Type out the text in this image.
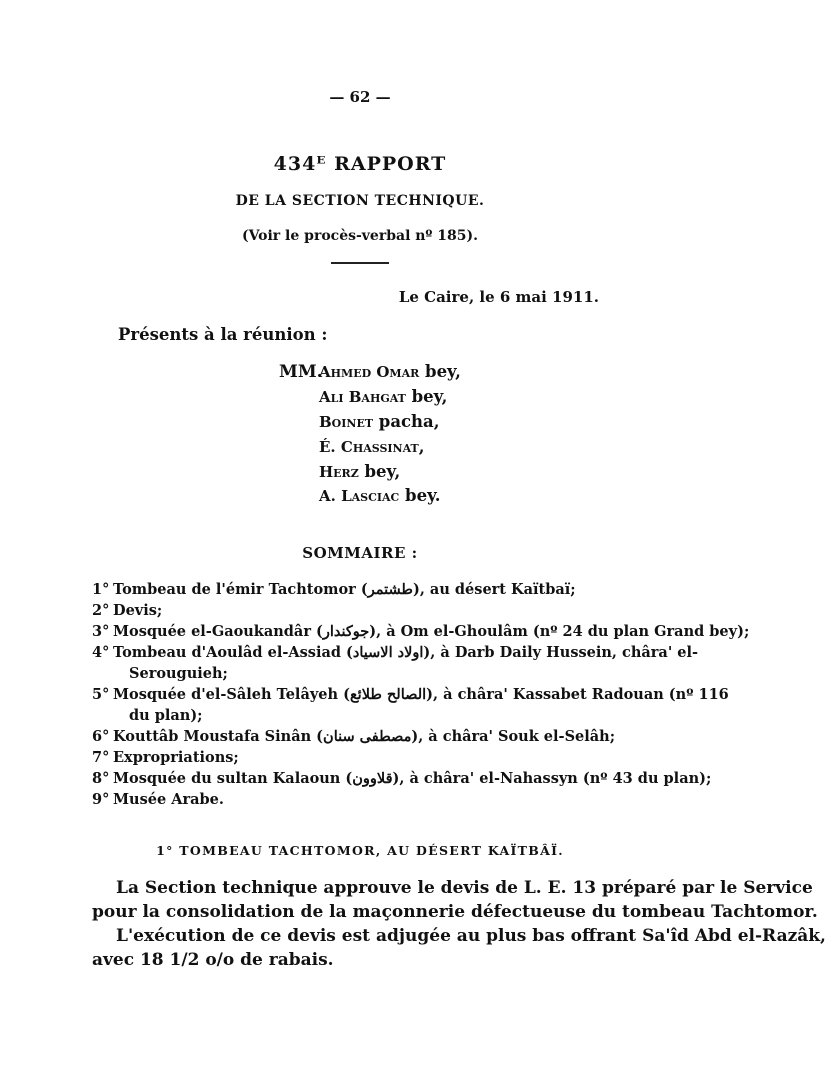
— 62 —
434ᴱ RAPPORT
DE LA SECTION TECHNIQUE.
(Voir le procès-verbal nº 185).
Le Caire, le 6 mai 1911.
Présents à la réunion :
MM.
Ahmed Omar bey,
Ali Bahgat bey,
Boinet pacha,
É. Chassinat,
Herz bey,
A. Lasciac bey.
SOMMAIRE :
1° Tombeau de l'émir Tachtomor (طشتمر), au désert Kaïtbaï;
2° Devis;
3° Mosquée el-Gaoukandâr (جوكندار), à Om el-Ghoulâm (nº 24 du plan Grand bey);
4° Tombeau d'Aoulâd el-Assiad (اولاد الاسياد), à Darb Daily Hussein, châra' el-
Serouguieh;
5° Mosquée d'el-Sâleh Telâyeh (الصالح طلائع), à châra' Kassabet Radouan (nº 116
du plan);
6° Kouttâb Moustafa Sinân (مصطفى سنان), à châra' Souk el-Selâh;
7° Expropriations;
8° Mosquée du sultan Kalaoun (قلاوون), à châra' el-Nahassyn (nº 43 du plan);
9° Musée Arabe.
1° TOMBEAU TACHTOMOR, AU DÉSERT KAÏTBÂÏ.
La Section technique approuve le devis de L. E. 13 préparé par le Service
pour la consolidation de la maçonnerie défectueuse du tombeau Tachtomor.
L'exécution de ce devis est adjugée au plus bas offrant Sa'îd Abd el-Razâk,
avec 18 1/2 o/o de rabais.
